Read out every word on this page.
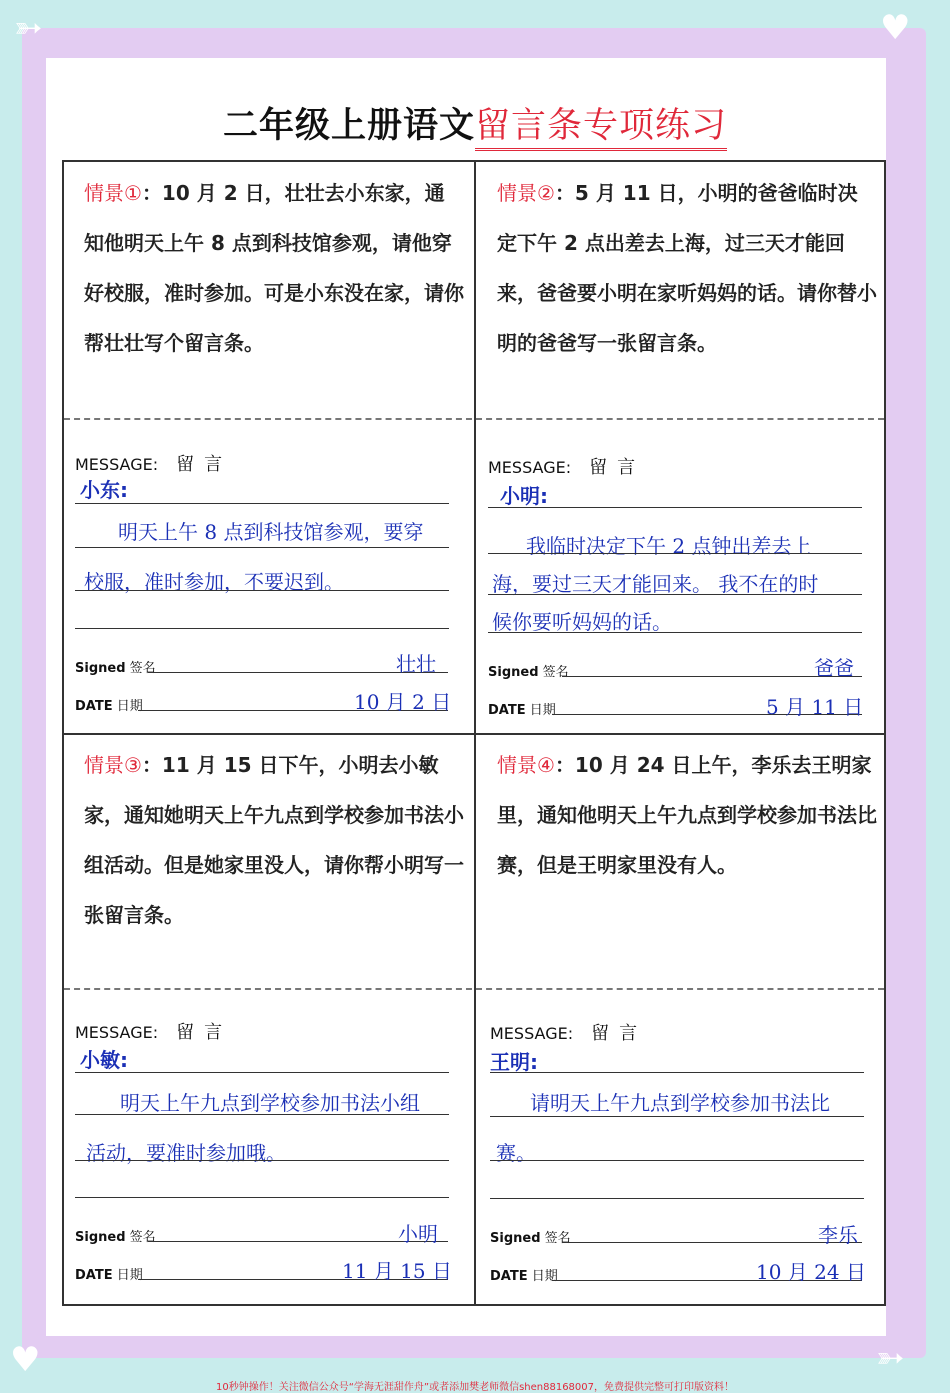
➳	♥
♥	➳
二年级上册语文留言条专项练习
情景①：10 月 2 日，壮壮去小东家，通知他明天上午 8 点到科技馆参观，请他穿好校服，准时参加。可是小东没在家，请你帮壮壮写个留言条。
MESSAGE: 留言
小东:
明天上午 8 点到科技馆参观，要穿
校服，准时参加，不要迟到。
Signed 签名	壮壮
DATE 日期	10 月 2 日
情景②：5 月 11 日，小明的爸爸临时决定下午 2 点出差去上海，过三天才能回来，爸爸要小明在家听妈妈的话。请你替小明的爸爸写一张留言条。
MESSAGE: 留言
小明:
我临时决定下午 2 点钟出差去上
海，要过三天才能回来。 我不在的时
候你要听妈妈的话。
Signed 签名	爸爸
DATE 日期	5 月 11 日
情景③：11 月 15 日下午，小明去小敏家，通知她明天上午九点到学校参加书法小组活动。但是她家里没人，请你帮小明写一张留言条。
MESSAGE: 留言
小敏:
明天上午九点到学校参加书法小组
活动，要准时参加哦。
Signed 签名	小明
DATE 日期	11 月 15 日
情景④：10 月 24 日上午，李乐去王明家里，通知他明天上午九点到学校参加书法比赛，但是王明家里没有人。
MESSAGE: 留言
王明:
请明天上午九点到学校参加书法比
赛。
Signed 签名	李乐
DATE 日期	10 月 24 日
10秒钟操作！关注微信公众号“学海无涯甜作舟”或者添加樊老师微信shen88168007，免费提供完整可打印版资料！
